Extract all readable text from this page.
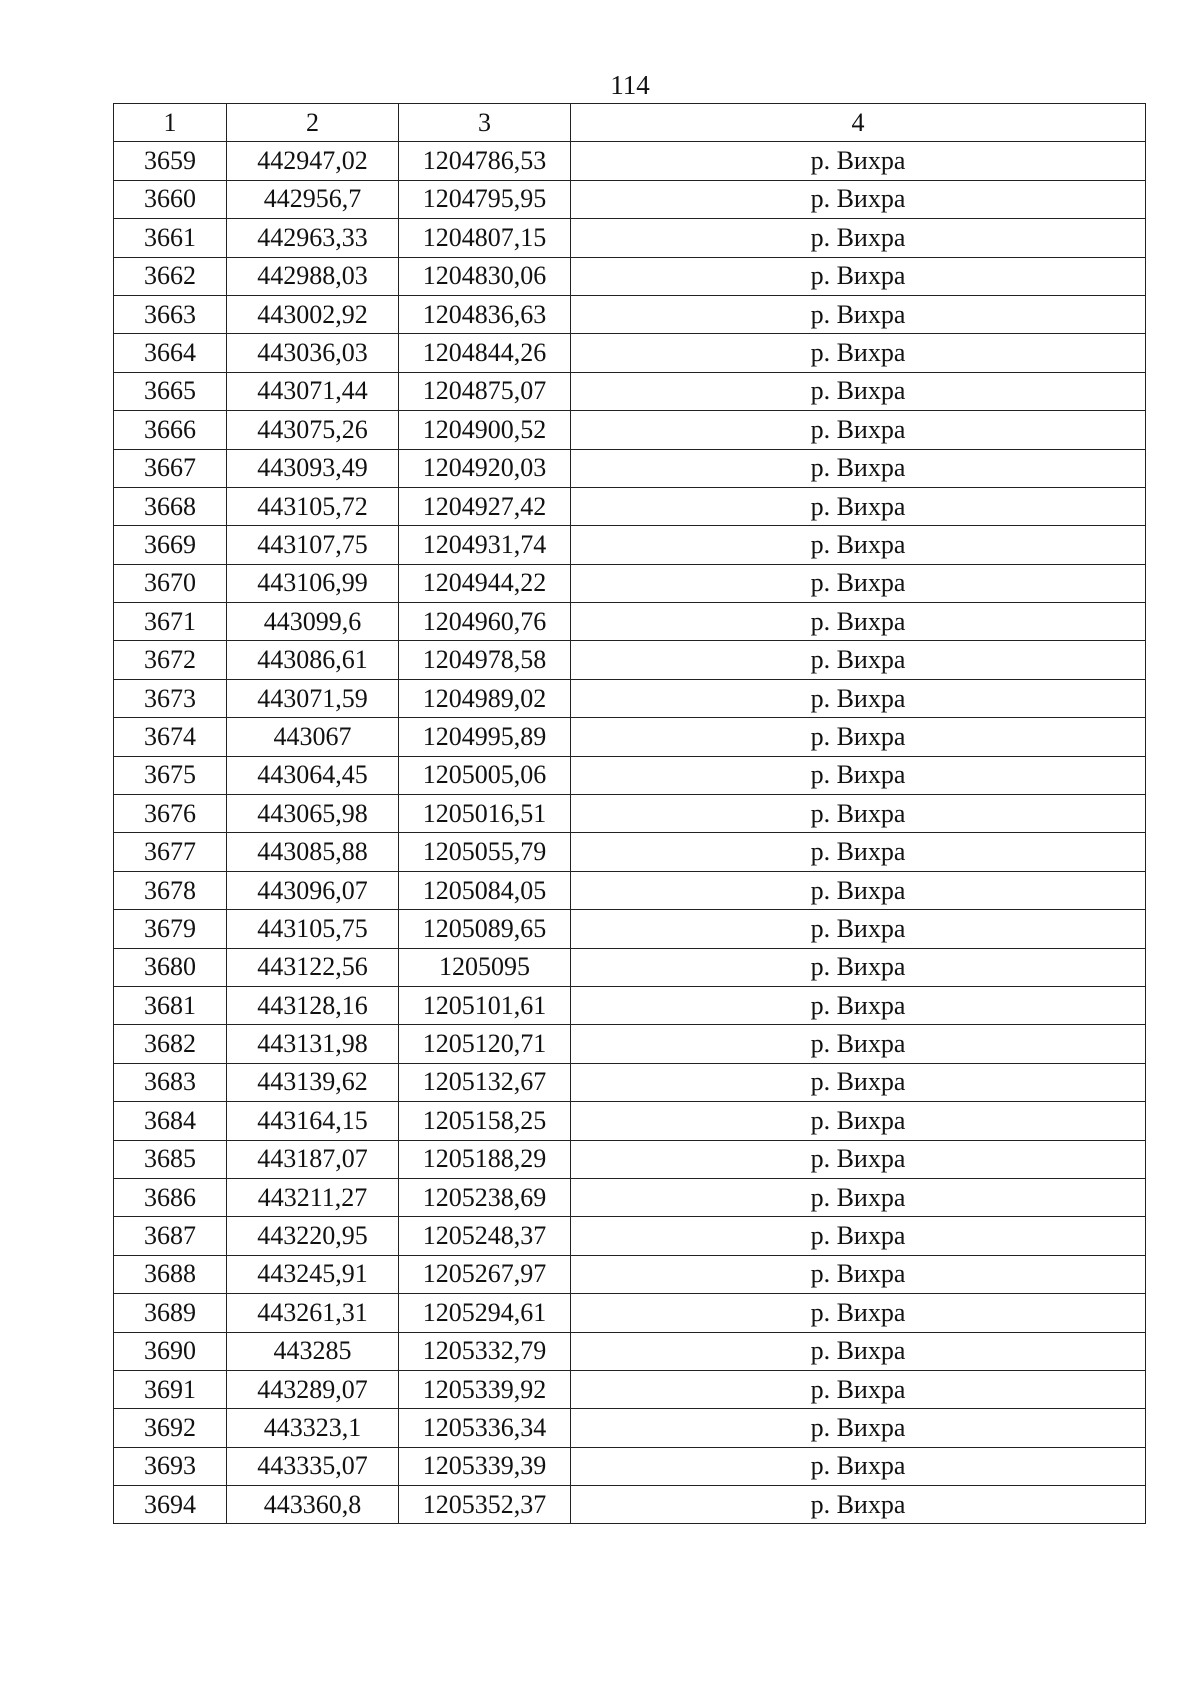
114
1	2	3	4
3659	442947,02	1204786,53	р. Вихра
3660	442956,7	1204795,95	р. Вихра
3661	442963,33	1204807,15	р. Вихра
3662	442988,03	1204830,06	р. Вихра
3663	443002,92	1204836,63	р. Вихра
3664	443036,03	1204844,26	р. Вихра
3665	443071,44	1204875,07	р. Вихра
3666	443075,26	1204900,52	р. Вихра
3667	443093,49	1204920,03	р. Вихра
3668	443105,72	1204927,42	р. Вихра
3669	443107,75	1204931,74	р. Вихра
3670	443106,99	1204944,22	р. Вихра
3671	443099,6	1204960,76	р. Вихра
3672	443086,61	1204978,58	р. Вихра
3673	443071,59	1204989,02	р. Вихра
3674	443067	1204995,89	р. Вихра
3675	443064,45	1205005,06	р. Вихра
3676	443065,98	1205016,51	р. Вихра
3677	443085,88	1205055,79	р. Вихра
3678	443096,07	1205084,05	р. Вихра
3679	443105,75	1205089,65	р. Вихра
3680	443122,56	1205095	р. Вихра
3681	443128,16	1205101,61	р. Вихра
3682	443131,98	1205120,71	р. Вихра
3683	443139,62	1205132,67	р. Вихра
3684	443164,15	1205158,25	р. Вихра
3685	443187,07	1205188,29	р. Вихра
3686	443211,27	1205238,69	р. Вихра
3687	443220,95	1205248,37	р. Вихра
3688	443245,91	1205267,97	р. Вихра
3689	443261,31	1205294,61	р. Вихра
3690	443285	1205332,79	р. Вихра
3691	443289,07	1205339,92	р. Вихра
3692	443323,1	1205336,34	р. Вихра
3693	443335,07	1205339,39	р. Вихра
3694	443360,8	1205352,37	р. Вихра
